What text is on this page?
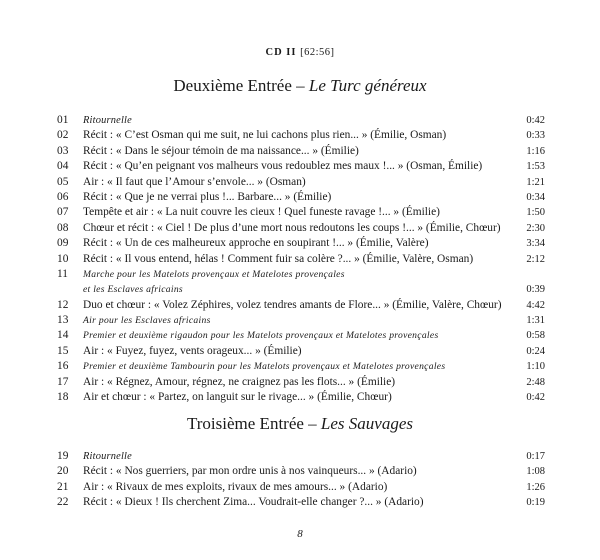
CD II [62:56]
Deuxième Entrée – Le Turc généreux
01	Ritournelle	0:42
02	Récit : « C’est Osman qui me suit, ne lui cachons plus rien... » (Émilie, Osman)	0:33
03	Récit : « Dans le séjour témoin de ma naissance... » (Émilie)	1:16
04	Récit : « Qu’en peignant vos malheurs vous redoublez mes maux !... » (Osman, Émilie)	1:53
05	Air : « Il faut que l’Amour s’envole... » (Osman)	1:21
06	Récit : « Que je ne verrai plus !... Barbare... » (Émilie)	0:34
07	Tempête et air : « La nuit couvre les cieux ! Quel funeste ravage !... » (Émilie)	1:50
08	Chœur et récit : « Ciel ! De plus d’une mort nous redoutons les coups !... » (Émilie, Chœur) 2:30
09	Récit : « Un de ces malheureux approche en soupirant !... » (Émilie, Valère)	3:34
10	Récit : « Il vous entend, hélas ! Comment fuir sa colère ?... » (Émilie, Valère, Osman)	2:12
11	Marche pour les Matelots provençaux et Matelotes provençales
et les Esclaves africains	0:39
12	Duo et chœur : « Volez Zéphires, volez tendres amants de Flore... » (Émilie, Valère, Chœur) 4:42
13	Air pour les Esclaves africains	1:31
14	Premier et deuxième rigaudon pour les Matelots provençaux et Matelotes provençales	0:58
15	Air : « Fuyez, fuyez, vents orageux... » (Émilie)	0:24
16	Premier et deuxième Tambourin pour les Matelots provençaux et Matelotes provençales	1:10
17	Air : « Régnez, Amour, régnez, ne craignez pas les flots... » (Émilie)	2:48
18	Air et chœur : « Partez, on languit sur le rivage... » (Émilie, Chœur)	0:42
Troisième Entrée – Les Sauvages
19	Ritournelle	0:17
20	Récit : « Nos guerriers, par mon ordre unis à nos vainqueurs... » (Adario)	1:08
21	Air : « Rivaux de mes exploits, rivaux de mes amours... » (Adario)	1:26
22	Récit : « Dieux ! Ils cherchent Zima... Voudrait-elle changer ?... » (Adario)	0:19
8
